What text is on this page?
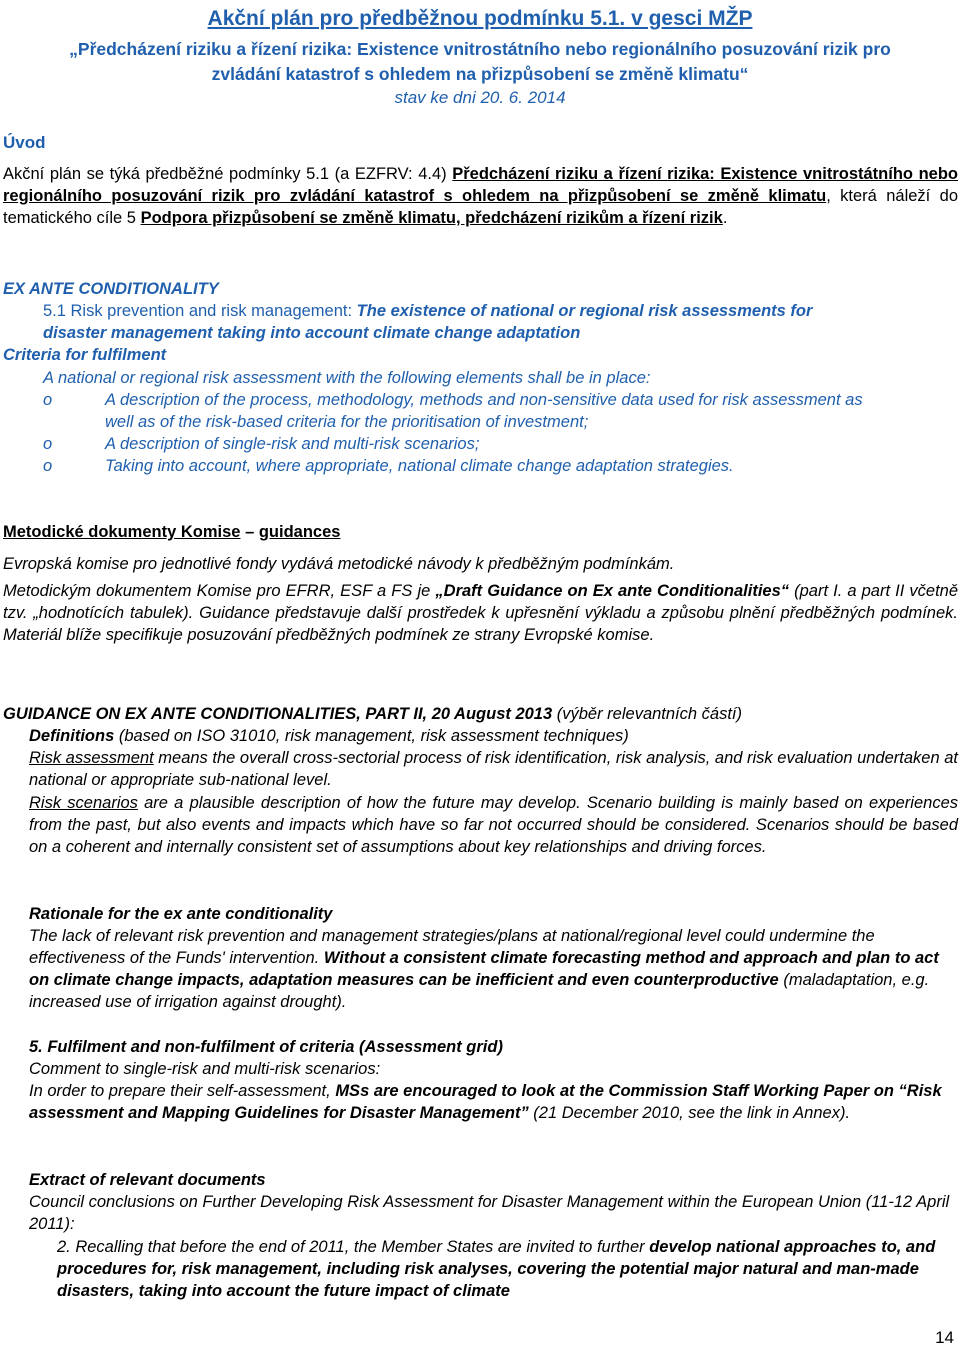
Akční plán pro předběžnou podmínku 5.1. v gesci MŽP
„Předcházení riziku a řízení rizika: Existence vnitrostátního nebo regionálního posuzování rizik pro
zvládání katastrof s ohledem na přizpůsobení se změně klimatu“
stav ke dni 20. 6. 2014
Úvod
Akční plán se týká předběžné podmínky 5.1 (a EZFRV: 4.4) Předcházení riziku a řízení rizika: Existence vnitrostátního nebo regionálního posuzování rizik pro zvládání katastrof s ohledem na přizpůsobení se změně klimatu, která náleží do tematického cíle 5 Podpora přizpůsobení se změně klimatu, předcházení rizikům a řízení rizik.
EX ANTE CONDITIONALITY
5.1 Risk prevention and risk management: The existence of national or regional risk assessments for
disaster management taking into account climate change adaptation
Criteria for fulfilment
A national or regional risk assessment with the following elements shall be in place:
o	A description of the process, methodology, methods and non-sensitive data used for risk assessment as well as of the risk-based criteria for the prioritisation of investment;
o	A description of single-risk and multi-risk scenarios;
o	Taking into account, where appropriate, national climate change adaptation strategies.
Metodické dokumenty Komise – guidances
Evropská komise pro jednotlivé fondy vydává metodické návody k předběžným podmínkám.
Metodickým dokumentem Komise pro EFRR, ESF a FS je „Draft Guidance on Ex ante Conditionalities“ (part I. a part II včetně tzv. „hodnotících tabulek). Guidance představuje další prostředek k upřesnění výkladu a způsobu plnění předběžných podmínek. Materiál blíže specifikuje posuzování předběžných podmínek ze strany Evropské komise.
GUIDANCE ON EX ANTE CONDITIONALITIES, PART II, 20 August 2013 (výběr relevantních částí)
Definitions (based on ISO 31010, risk management, risk assessment techniques)
Risk assessment means the overall cross-sectorial process of risk identification, risk analysis, and risk evaluation undertaken at national or appropriate sub-national level.
Risk scenarios are a plausible description of how the future may develop. Scenario building is mainly based on experiences from the past, but also events and impacts which have so far not occurred should be considered. Scenarios should be based on a coherent and internally consistent set of assumptions about key relationships and driving forces.
Rationale for the ex ante conditionality
The lack of relevant risk prevention and management strategies/plans at national/regional level could undermine the effectiveness of the Funds' intervention. Without a consistent climate forecasting method and approach and plan to act on climate change impacts, adaptation measures can be inefficient and even counterproductive (maladaptation, e.g. increased use of irrigation against drought).
5. Fulfilment and non-fulfilment of criteria (Assessment grid)
Comment to single-risk and multi-risk scenarios:
In order to prepare their self-assessment, MSs are encouraged to look at the Commission Staff Working Paper on “Risk assessment and Mapping Guidelines for Disaster Management” (21 December 2010, see the link in Annex).
Extract of relevant documents
Council conclusions on Further Developing Risk Assessment for Disaster Management within the European Union (11-12 April 2011):
2. Recalling that before the end of 2011, the Member States are invited to further develop national approaches to, and procedures for, risk management, including risk analyses, covering the potential major natural and man-made disasters, taking into account the future impact of climate
14
